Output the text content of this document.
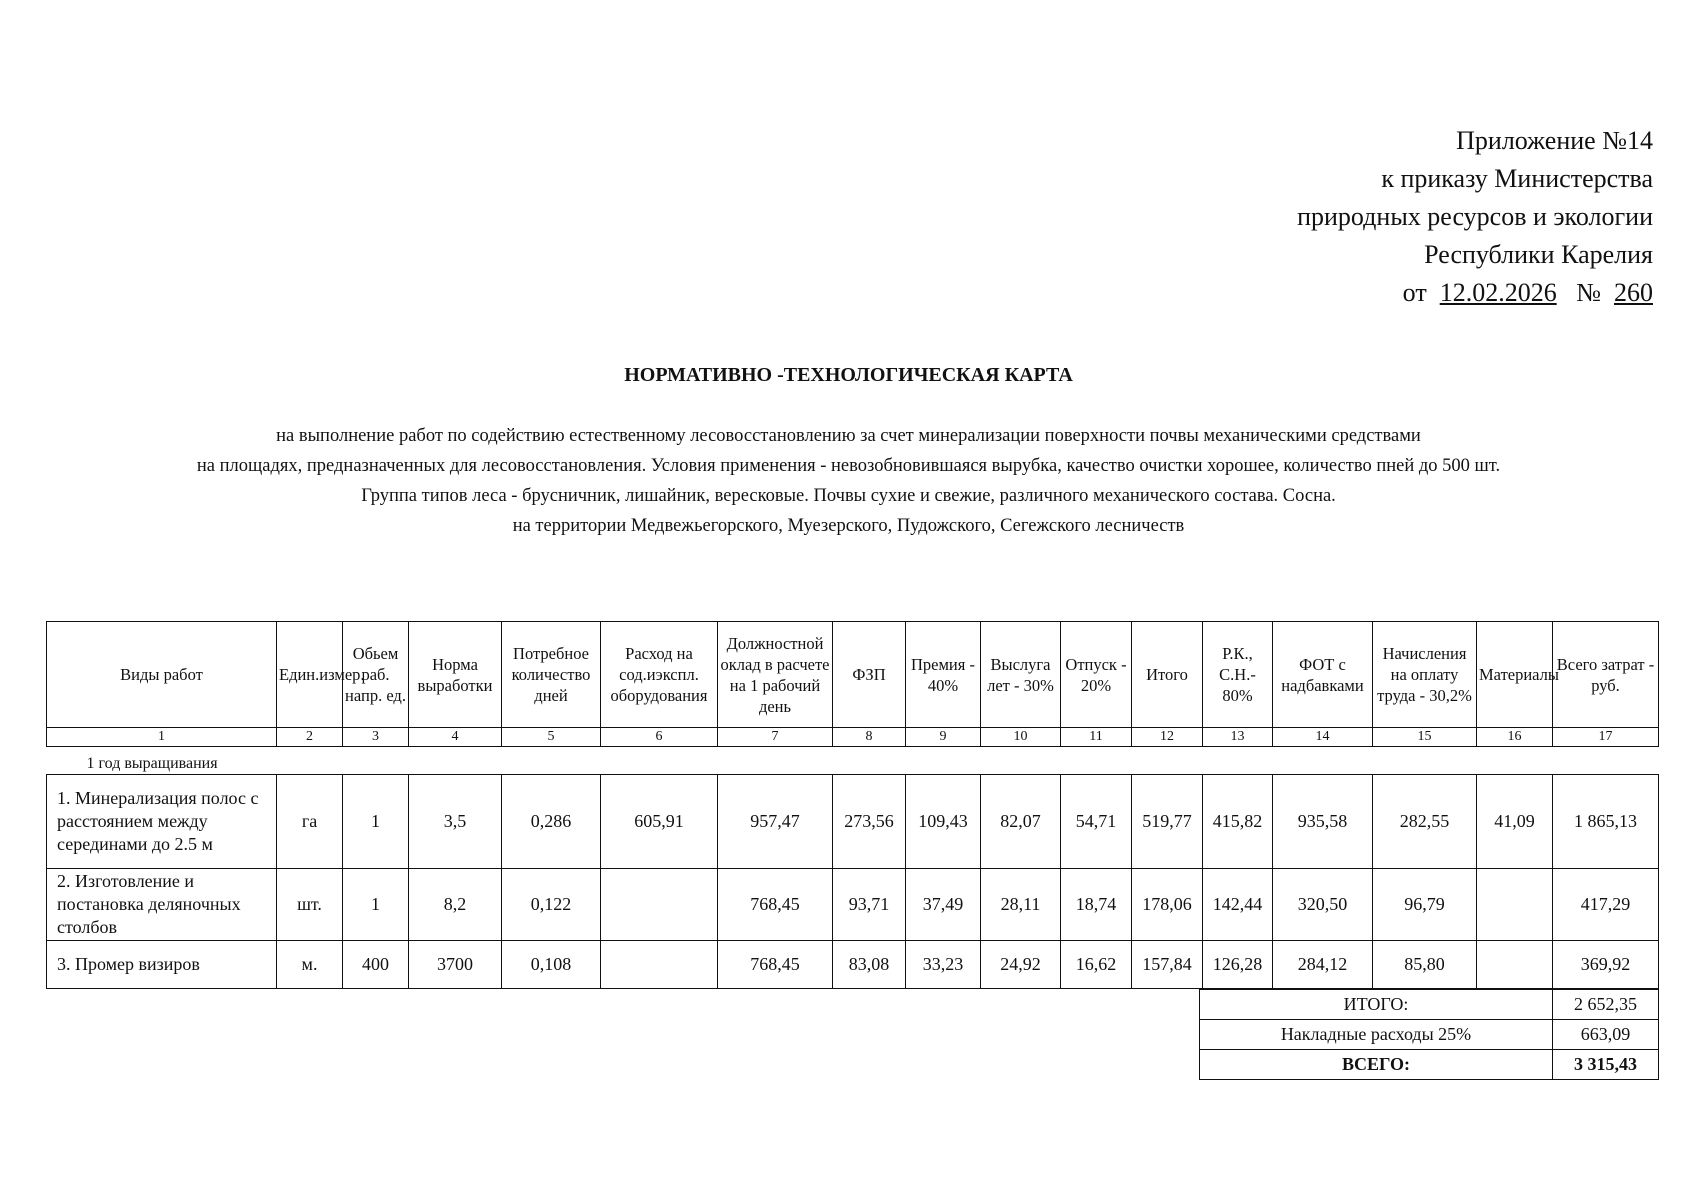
Приложение №14
к приказу Министерства
природных ресурсов и экологии
Республики Карелия
от 12.02.2026 № 260
НОРМАТИВНО -ТЕХНОЛОГИЧЕСКАЯ КАРТА
на выполнение работ по содействию естественному лесовосстановлению за счет минерализации поверхности почвы механическими средствами
на площадях, предназначенных для лесовосстановления. Условия применения - невозобновившаяся вырубка, качество очистки хорошее, количество пней до 500 шт.
Группа типов леса - брусничник, лишайник, вересковые. Почвы сухие и свежие, различного механического состава. Сосна.
на территории Медвежьегорского, Муезерского, Пудожского, Сегежского лесничеств
Виды работ	Един.измер.	Обьем раб. напр. ед.	Норма выработки	Потребное количество дней	Расход на сод.иэкспл. оборудования	Должностной оклад в расчете на 1 рабочий день	ФЗП	Премия - 40%	Выслуга лет - 30%	Отпуск - 20%	Итого	Р.К., С.Н.- 80%	ФОТ с надбавками	Начисления на оплату труда - 30,2%	Материалы	Всего затрат - руб.
1	2	3	4	5	6	7	8	9	10	11	12	13	14	15	16	17
1 год выращивания																
1. Минерализация полос с расстоянием между серединами до 2.5 м	га	1	3,5	0,286	605,91	957,47	273,56	109,43	82,07	54,71	519,77	415,82	935,58	282,55	41,09	1 865,13
2. Изготовление и постановка деляночных столбов	шт.	1	8,2	0,122		768,45	93,71	37,49	28,11	18,74	178,06	142,44	320,50	96,79		417,29
3. Промер визиров	м.	400	3700	0,108		768,45	83,08	33,23	24,92	16,62	157,84	126,28	284,12	85,80		369,92
ИТОГО:	2 652,35
Накладные расходы 25%	663,09
ВСЕГО:	3 315,43
